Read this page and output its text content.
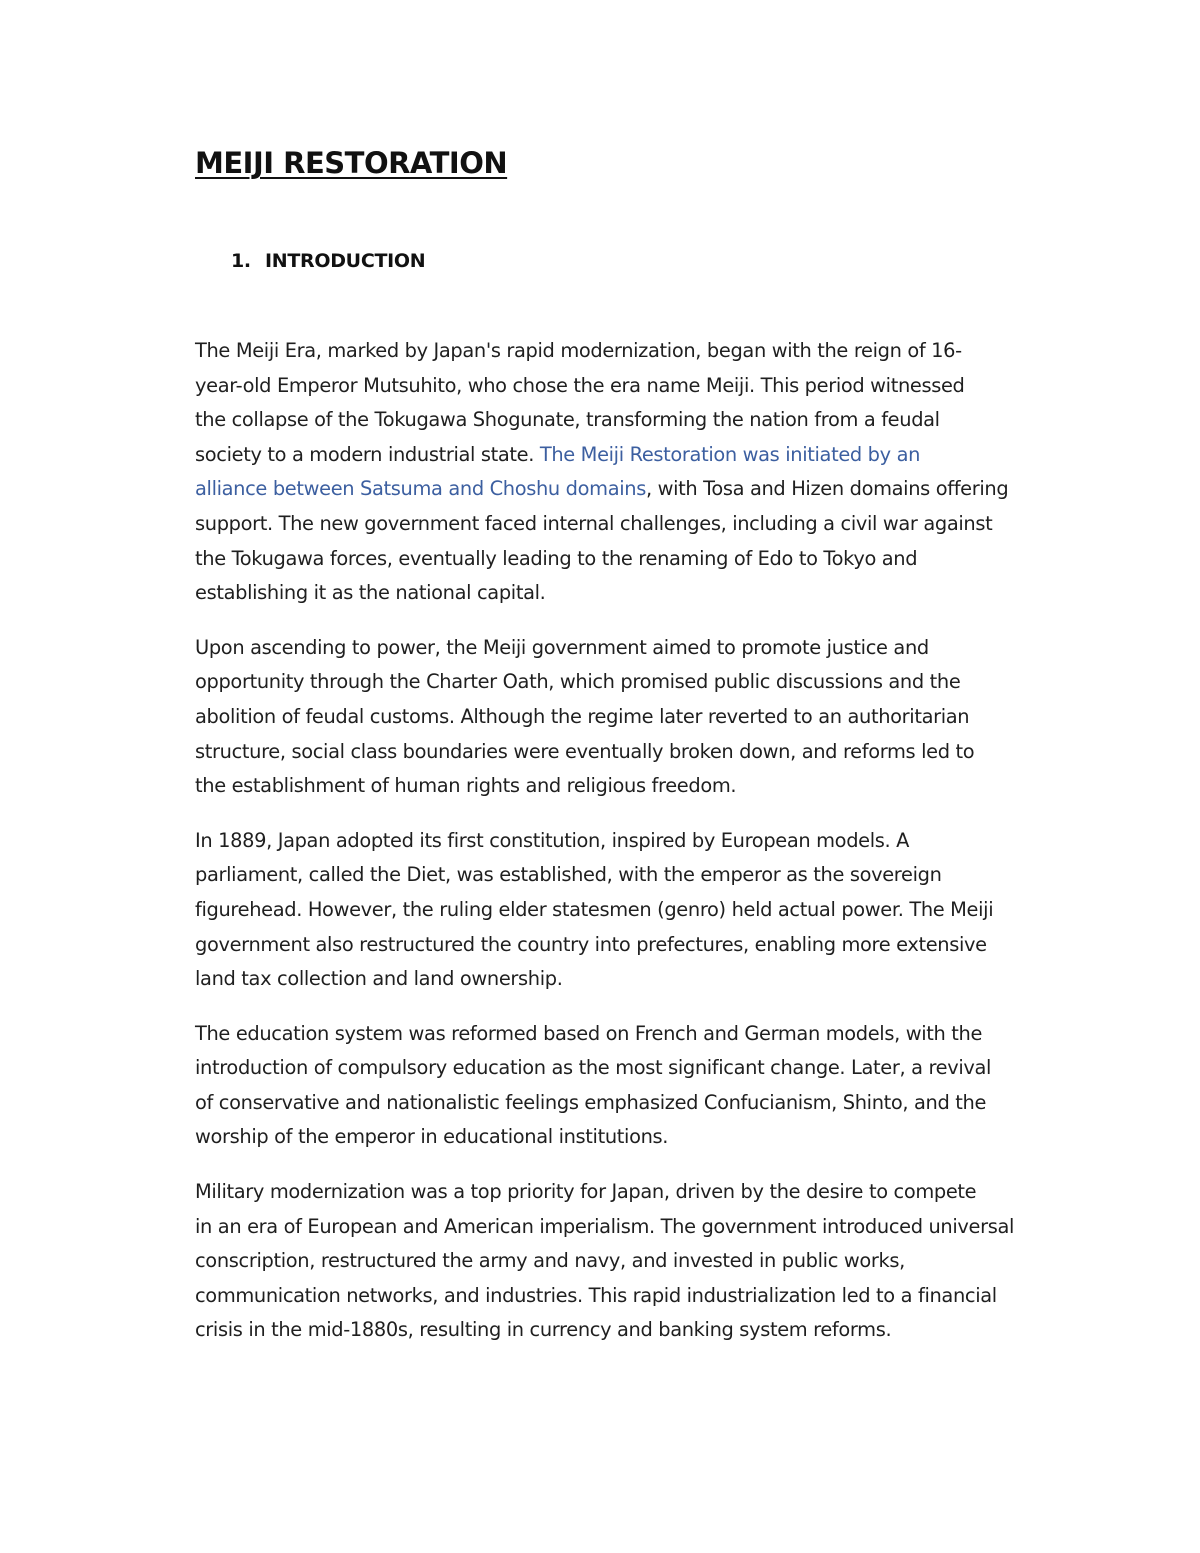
MEIJI RESTORATION
1. INTRODUCTION

The Meiji Era, marked by Japan's rapid modernization, began with the reign of 16-
year-old Emperor Mutsuhito, who chose the era name Meiji. This period witnessed
the collapse of the Tokugawa Shogunate, transforming the nation from a feudal
society to a modern industrial state. The Meiji Restoration was initiated by an
alliance between Satsuma and Choshu domains, with Tosa and Hizen domains offering
support. The new government faced internal challenges, including a civil war against
the Tokugawa forces, eventually leading to the renaming of Edo to Tokyo and
establishing it as the national capital.

Upon ascending to power, the Meiji government aimed to promote justice and
opportunity through the Charter Oath, which promised public discussions and the
abolition of feudal customs. Although the regime later reverted to an authoritarian
structure, social class boundaries were eventually broken down, and reforms led to
the establishment of human rights and religious freedom.

In 1889, Japan adopted its first constitution, inspired by European models. A
parliament, called the Diet, was established, with the emperor as the sovereign
figurehead. However, the ruling elder statesmen (genro) held actual power. The Meiji
government also restructured the country into prefectures, enabling more extensive
land tax collection and land ownership.

The education system was reformed based on French and German models, with the
introduction of compulsory education as the most significant change. Later, a revival
of conservative and nationalistic feelings emphasized Confucianism, Shinto, and the
worship of the emperor in educational institutions.

Military modernization was a top priority for Japan, driven by the desire to compete
in an era of European and American imperialism. The government introduced universal
conscription, restructured the army and navy, and invested in public works,
communication networks, and industries. This rapid industrialization led to a financial
crisis in the mid-1880s, resulting in currency and banking system reforms.
